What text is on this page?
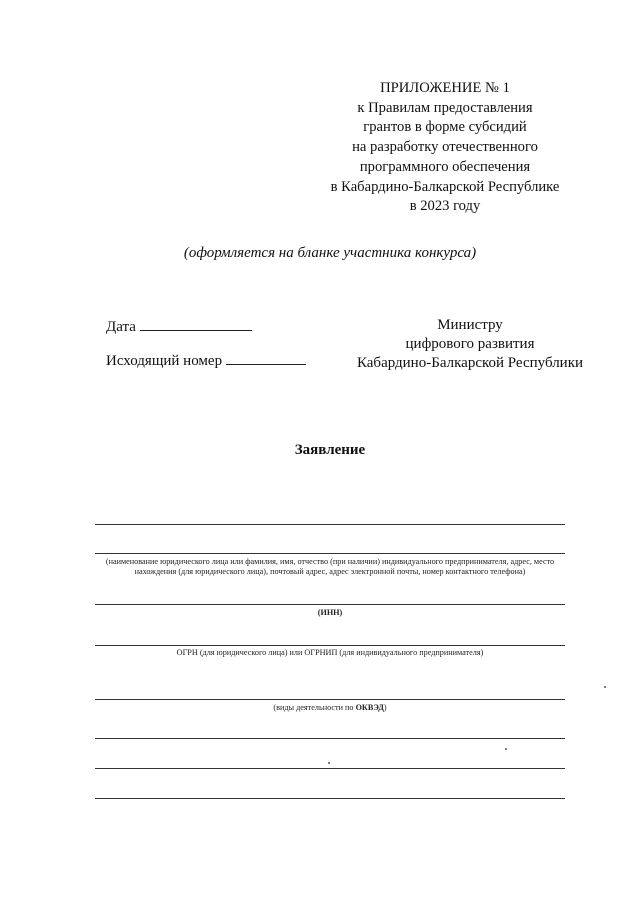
ПРИЛОЖЕНИЕ № 1
к Правилам предоставления
грантов в форме субсидий
на разработку отечественного
программного обеспечения
в Кабардино-Балкарской Республике
в 2023 году
(оформляется на бланке участника конкурса)
Дата
Исходящий номер
Министру
цифрового развития
Кабардино-Балкарской Республики
Заявление
(наименование юридического лица или фамилия, имя, отчество (при наличии) индивидуального предпринимателя, адрес, место нахождения (для юридического лица), почтовый адрес, адрес электронной почты, номер контактного телефона)
(ИНН)
ОГРН (для юридического лица) или ОГРНИП (для индивидуального предпринимателя)
(виды деятельности по ОКВЭД)
